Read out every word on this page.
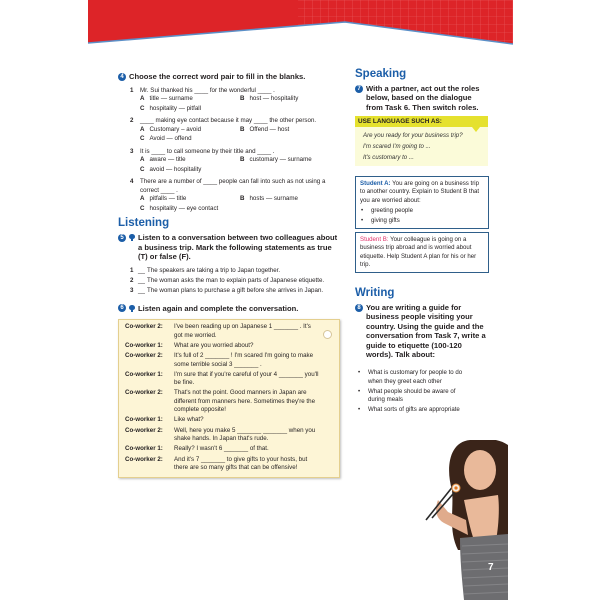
4 Choose the correct word pair to fill in the blanks.
1	Mr. Sui thanked his ____ for the wonderful ____ .
A title — surname	B host — hospitality
C hospitality — pitfall
2	____ making eye contact because it may ____ the other person.
A Customary – avoid	B Offend — host
C Avoid — offend
3	It is ____ to call someone by their title and ____ .
A aware — title	B customary — surname
C avoid — hospitality
4	There are a number of ____ people can fall into such as not using a correct ____ .
A pitfalls — title	B hosts — surname
C hospitality — eye contact
Listening
5	Listen to a conversation between two colleagues about a business trip. Mark the following statements as true (T) or false (F).
1 __ The speakers are taking a trip to Japan together.
2 __ The woman asks the man to explain parts of Japanese etiquette.
3 __ The woman plans to purchase a gift before she arrives in Japan.
6	Listen again and complete the conversation.
Co-worker 2:	I've been reading up on Japanese 1 _______ . It's got me worried.
Co-worker 1:	What are you worried about?
Co-worker 2:	It's full of 2 _______ ! I'm scared I'm going to make some terrible social 3 _______ .
Co-worker 1:	I'm sure that if you're careful of your 4 _______ you'll be fine.
Co-worker 2:	That's not the point. Good manners in Japan are different from manners here. Sometimes they're the complete opposite!
Co-worker 1:	Like what?
Co-worker 2:	Well, here you make 5 _______ _______ when you shake hands. In Japan that's rude.
Co-worker 1:	Really? I wasn't 6 _______ of that.
Co-worker 2:	And it's 7 _______ to give gifts to your hosts, but there are so many gifts that can be offensive!
Speaking
7 With a partner, act out the roles below, based on the dialogue from Task 6. Then switch roles.
USE LANGUAGE SUCH AS:
Are you ready for your business trip?
I'm scared I'm going to ...
It's customary to ...
Student A: You are going on a business trip to another country. Explain to Student B that you are worried about:
•	greeting people
•	giving gifts
Student B: Your colleague is going on a business trip abroad and is worried about etiquette. Help Student A plan for his or her trip.
Writing
8 You are writing a guide for business people visiting your country. Using the guide and the conversation from Task 7, write a guide to etiquette (100-120 words). Talk about:
•	What is customary for people to do when they greet each other
•	What people should be aware of during meals
•	What sorts of gifts are appropriate
7
